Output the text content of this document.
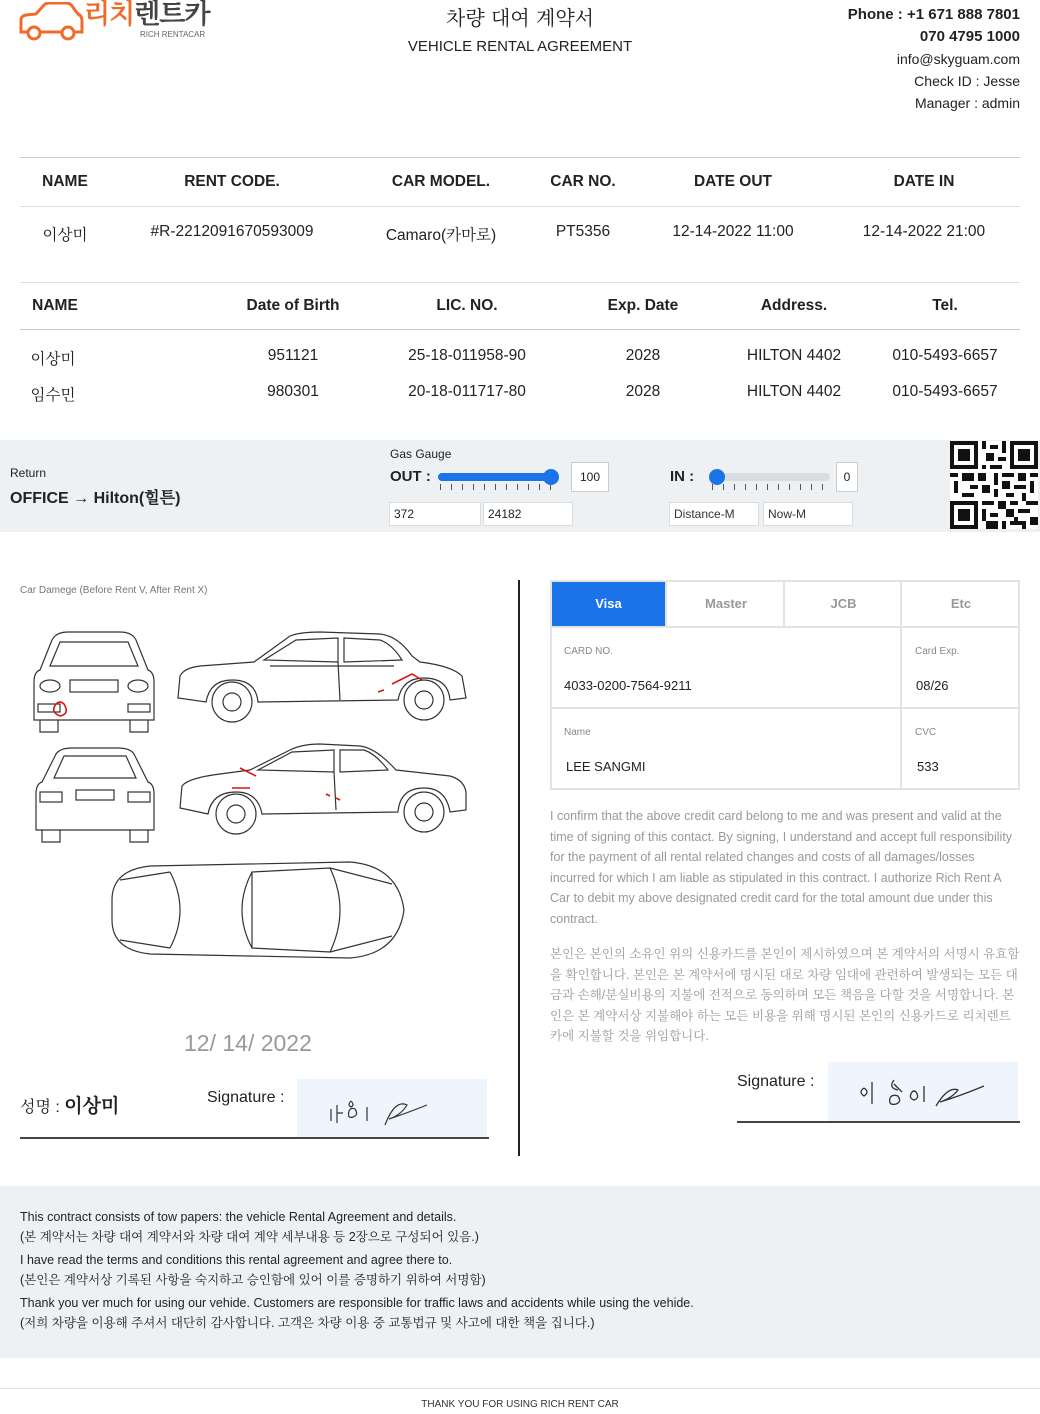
리치렌트카
RICH RENTACAR
차량 대여 계약서
VEHICLE RENTAL AGREEMENT
Phone : +1 671 888 7801
070 4795 1000
info@skyguam.com
Check ID : Jesse
Manager : admin
NAME	RENT CODE.	CAR MODEL.	CAR NO.	DATE OUT	DATE IN
이상미	#R-2212091670593009	Camaro(카마로)	PT5356	12-14-2022 11:00	12-14-2022 21:00
NAME	Date of Birth	LIC. NO.	Exp. Date	Address.	Tel.
이상미	951121	25-18-011958-90	2028	HILTON 4402	010-5493-6657
임수민	980301	20-18-011717-80	2028	HILTON 4402	010-5493-6657
Return
OFFICE → Hilton(힐튼)
Gas Gauge
OUT :	100	IN :	0
372	24182	Distance-M	Now-M
Car Damege (Before Rent V, After Rent X)
12/ 14/ 2022
성명 : 이상미	Signature :
Visa	Master	JCB	Etc
CARD NO.
4033-0200-7564-9211
Card Exp.
08/26
Name
LEE SANGMI
CVC
533
I confirm that the above credit card belong to me and was present and valid at the time of signing of this contact. By signing, I understand and accept full responsibility for the payment of all rental related changes and costs of all damages/losses incurred for which I am liable as stipulated in this contract. I authorize Rich Rent A Car to debit my above designated credit card for the total amount due under this contract.
본인은 본인의 소유인 위의 신용카드를 본인이 제시하였으며 본 계약서의 서명시 유효함을 확인합니다. 본인은 본 계약서에 명시된 대로 차량 임대에 관련하여 발생되는 모든 대금과 손해/분실비용의 지불에 전적으로 동의하며 모든 책음을 다할 것을 서명합니다. 본인은 본 계약서상 지불해야 하는 모든 비용을 위해 명시된 본인의 신용카드로 리치렌트카에 지불할 것을 위임합니다.
Signature :
This contract consists of tow papers: the vehicle Rental Agreement and details.
(본 계약서는 차량 대여 계약서와 차량 대여 계약 세부내용 등 2장으로 구성되어 있음.)
I have read the terms and conditions this rental agreement and agree there to.
(본인은 계약서상 기록된 사항을 숙지하고 승인함에 있어 이를 증명하기 위하여 서명함)
Thank you ver much for using our vehide. Customers are responsible for traffic laws and accidents while using the vehide.
(저희 차량을 이용해 주셔서 대단히 감사합니다. 고객은 차량 이용 중 교통법규 및 사고에 대한 책을 집니다.)
THANK YOU FOR USING RICH RENT CAR
